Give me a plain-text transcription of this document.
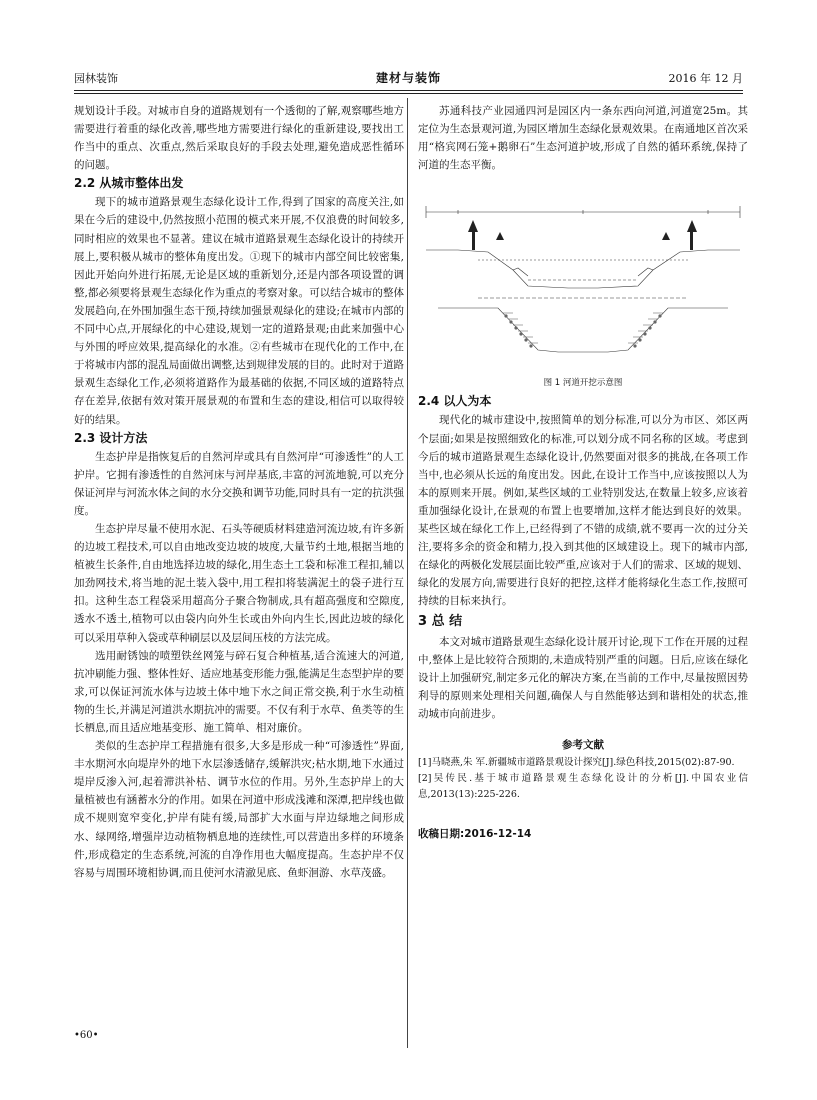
园林装饰	建材与装饰	2016 年 12 月

规划设计手段。对城市自身的道路规划有一个透彻的了解,观察哪些地方需要进行着重的绿化改善,哪些地方需要进行绿化的重新建设,要找出工作当中的重点、次重点,然后采取良好的手段去处理,避免造成恶性循环的问题。

2.2 从城市整体出发

现下的城市道路景观生态绿化设计工作,得到了国家的高度关注,如果在今后的建设中,仍然按照小范围的模式来开展,不仅浪费的时间较多,同时相应的效果也不显著。建议在城市道路景观生态绿化设计的持续开展上,要积极从城市的整体角度出发。①现下的城市内部空间比较密集,因此开始向外进行拓展,无论是区域的重新划分,还是内部各项设置的调整,都必须要将景观生态绿化作为重点的考察对象。可以结合城市的整体发展趋向,在外围加强生态干预,持续加强景观绿化的建设;在城市内部的不同中心点,开展绿化的中心建设,规划一定的道路景观;由此来加强中心与外围的呼应效果,提高绿化的水准。②有些城市在现代化的工作中,在于将城市内部的混乱局面做出调整,达到规律发展的目的。此时对于道路景观生态绿化工作,必须将道路作为最基础的依据,不同区域的道路特点存在差异,依据有效对策开展景观的布置和生态的建设,相信可以取得较好的结果。

2.3 设计方法

生态护岸是指恢复后的自然河岸或具有自然河岸“可渗透性”的人工护岸。它拥有渗透性的自然河床与河岸基底,丰富的河流地貌,可以充分保证河岸与河流水体之间的水分交换和调节功能,同时具有一定的抗洪强度。

生态护岸尽量不使用水泥、石头等硬质材料建造河流边坡,有许多新的边坡工程技术,可以自由地改变边坡的坡度,大量节约土地,根据当地的植被生长条件,自由地选择边坡的绿化,用生态土工袋和标准工程扣,辅以加劲网技术,将当地的泥土装入袋中,用工程扣将装满泥土的袋子进行互扣。这种生态工程袋采用超高分子聚合物制成,具有超高强度和空隙度,透水不透土,植物可以由袋内向外生长或由外向内生长,因此边坡的绿化可以采用草种入袋或草种刷层以及层间压枝的方法完成。

选用耐锈蚀的喷塑铁丝网笼与碎石复合种植基,适合流速大的河道,抗冲刷能力强、整体性好、适应地基变形能力强,能满足生态型护岸的要求,可以保证河流水体与边坡土体中地下水之间正常交换,利于水生动植物的生长,并满足河道洪水期抗冲的需要。不仅有利于水草、鱼类等的生长栖息,而且适应地基变形、施工简单、相对廉价。

类似的生态护岸工程措施有很多,大多是形成一种“可渗透性”界面,丰水期河水向堤岸外的地下水层渗透储存,缓解洪灾;枯水期,地下水通过堤岸反渗入河,起着滞洪补枯、调节水位的作用。另外,生态护岸上的大量植被也有涵蓄水分的作用。如果在河道中形成浅滩和深潭,把岸线也做成不规则宽窄变化,护岸有陡有缓,局部扩大水面与岸边绿地之间形成水、绿网络,增强岸边动植物栖息地的连续性,可以营造出多样的环境条件,形成稳定的生态系统,河流的自净作用也大幅度提高。生态护岸不仅容易与周围环境相协调,而且使河水清澈见底、鱼虾洄游、水草茂盛。

苏通科技产业园通四河是园区内一条东西向河道,河道宽25m。其定位为生态景观河道,为园区增加生态绿化景观效果。在南通地区首次采用“格宾网石笼+鹅卵石”生态河道护坡,形成了自然的循环系统,保持了河道的生态平衡。

图 1 河道开挖示意图
2.4 以人为本

现代化的城市建设中,按照简单的划分标准,可以分为市区、郊区两个层面;如果是按照细致化的标准,可以划分成不同名称的区域。考虑到今后的城市道路景观生态绿化设计,仍然要面对很多的挑战,在各项工作当中,也必须从长远的角度出发。因此,在设计工作当中,应该按照以人为本的原则来开展。例如,某些区域的工业特别发达,在数量上较多,应该着重加强绿化设计,在景观的布置上也要增加,这样才能达到良好的效果。某些区域在绿化工作上,已经得到了不错的成绩,就不要再一次的过分关注,要将多余的资金和精力,投入到其他的区域建设上。现下的城市内部,在绿化的两极化发展层面比较严重,应该对于人们的需求、区域的规划、绿化的发展方向,需要进行良好的把控,这样才能将绿化生态工作,按照可持续的目标来执行。

3 总 结

本文对城市道路景观生态绿化设计展开讨论,现下工作在开展的过程中,整体上是比较符合预期的,未造成特别严重的问题。日后,应该在绿化设计上加强研究,制定多元化的解决方案,在当前的工作中,尽量按照因势利导的原则来处理相关问题,确保人与自然能够达到和谐相处的状态,推动城市向前进步。

参考文献

[1]马晓燕,朱 军.新疆城市道路景观设计探究[J].绿色科技,2015(02):87-90.

[2]吴传民.基于城市道路景观生态绿化设计的分析[J].中国农业信息,2013(13):225-226.

收稿日期:2016-12-14
•60•
